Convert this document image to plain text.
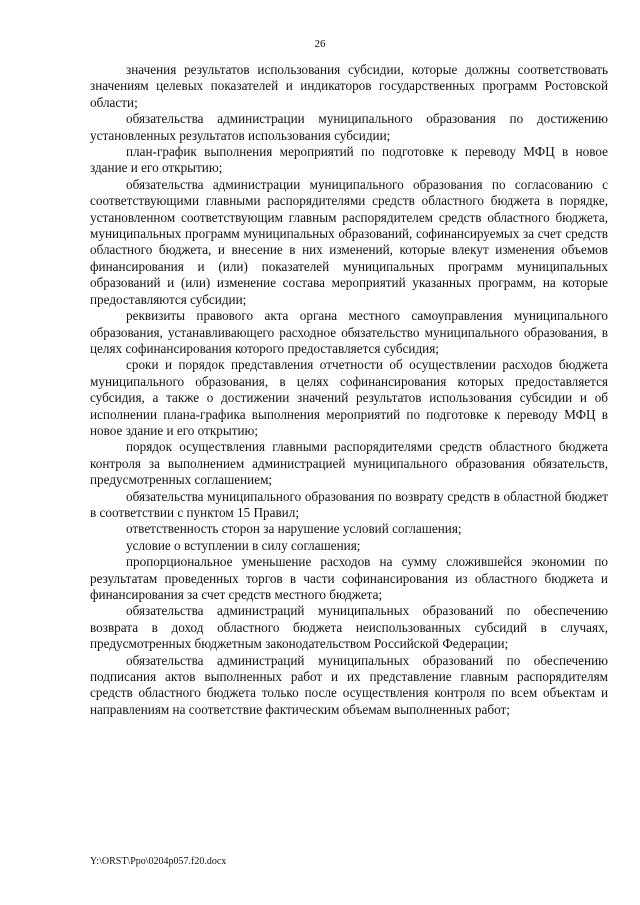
26

значения результатов использования субсидии, которые должны соответствовать значениям целевых показателей и индикаторов государственных программ Ростовской области;

обязательства администрации муниципального образования по достижению установленных результатов использования субсидии;

план-график выполнения мероприятий по подготовке к переводу МФЦ в новое здание и его открытию;

обязательства администрации муниципального образования по согласованию с соответствующими главными распорядителями средств областного бюджета в порядке, установленном соответствующим главным распорядителем средств областного бюджета, муниципальных программ муниципальных образований, софинансируемых за счет средств областного бюджета, и внесение в них изменений, которые влекут изменения объемов финансирования и (или) показателей муниципальных программ муниципальных образований и (или) изменение состава мероприятий указанных программ, на которые предоставляются субсидии;

реквизиты правового акта органа местного самоуправления муниципального образования, устанавливающего расходное обязательство муниципального образования, в целях софинансирования которого предоставляется субсидия;

сроки и порядок представления отчетности об осуществлении расходов бюджета муниципального образования, в целях софинансирования которых предоставляется субсидия, а также о достижении значений результатов использования субсидии и об исполнении плана-графика выполнения мероприятий по подготовке к переводу МФЦ в новое здание и его открытию;

порядок осуществления главными распорядителями средств областного бюджета контроля за выполнением администрацией муниципального образования обязательств, предусмотренных соглашением;

обязательства муниципального образования по возврату средств в областной бюджет в соответствии с пунктом 15 Правил;

ответственность сторон за нарушение условий соглашения;

условие о вступлении в силу соглашения;

пропорциональное уменьшение расходов на сумму сложившейся экономии по результатам проведенных торгов в части софинансирования из областного бюджета и финансирования за счет средств местного бюджета;

обязательства администраций муниципальных образований по обеспечению возврата в доход областного бюджета неиспользованных субсидий в случаях, предусмотренных бюджетным законодательством Российской Федерации;

обязательства администраций муниципальных образований по обеспечению подписания актов выполненных работ и их представление главным распорядителям средств областного бюджета только после осуществления контроля по всем объектам и направлениям на соответствие фактическим объемам выполненных работ;

Y:\ORST\Ppo\0204p057.f20.docx
